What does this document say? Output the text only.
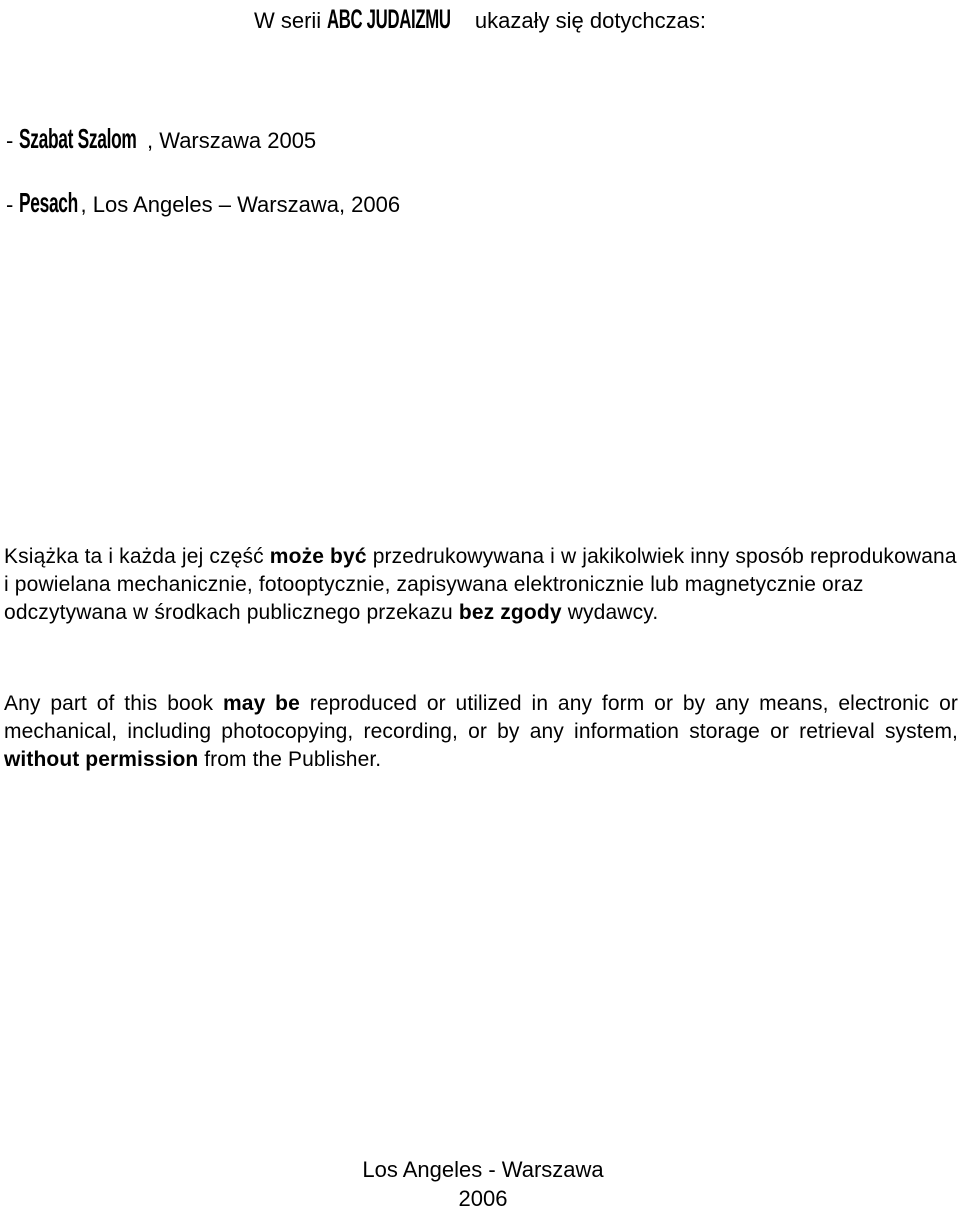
W serii ABC JUDAIZMU ukazały się dotychczas:
- Szabat Szalom , Warszawa 2005
- Pesach, Los Angeles – Warszawa, 2006

Książka ta i każda jej część może być przedrukowywana i w jakikolwiek inny sposób reprodukowana i powielana mechanicznie, fotooptycznie, zapisywana elektronicznie lub magnetycznie oraz odczytywana w środkach publicznego przekazu bez zgody wydawcy.

Any part of this book may be reproduced or utilized in any form or by any means, electronic or mechanical, including photocopying, recording, or by any information storage or retrieval system, without permission from the Publisher.

Los Angeles - Warszawa
2006
